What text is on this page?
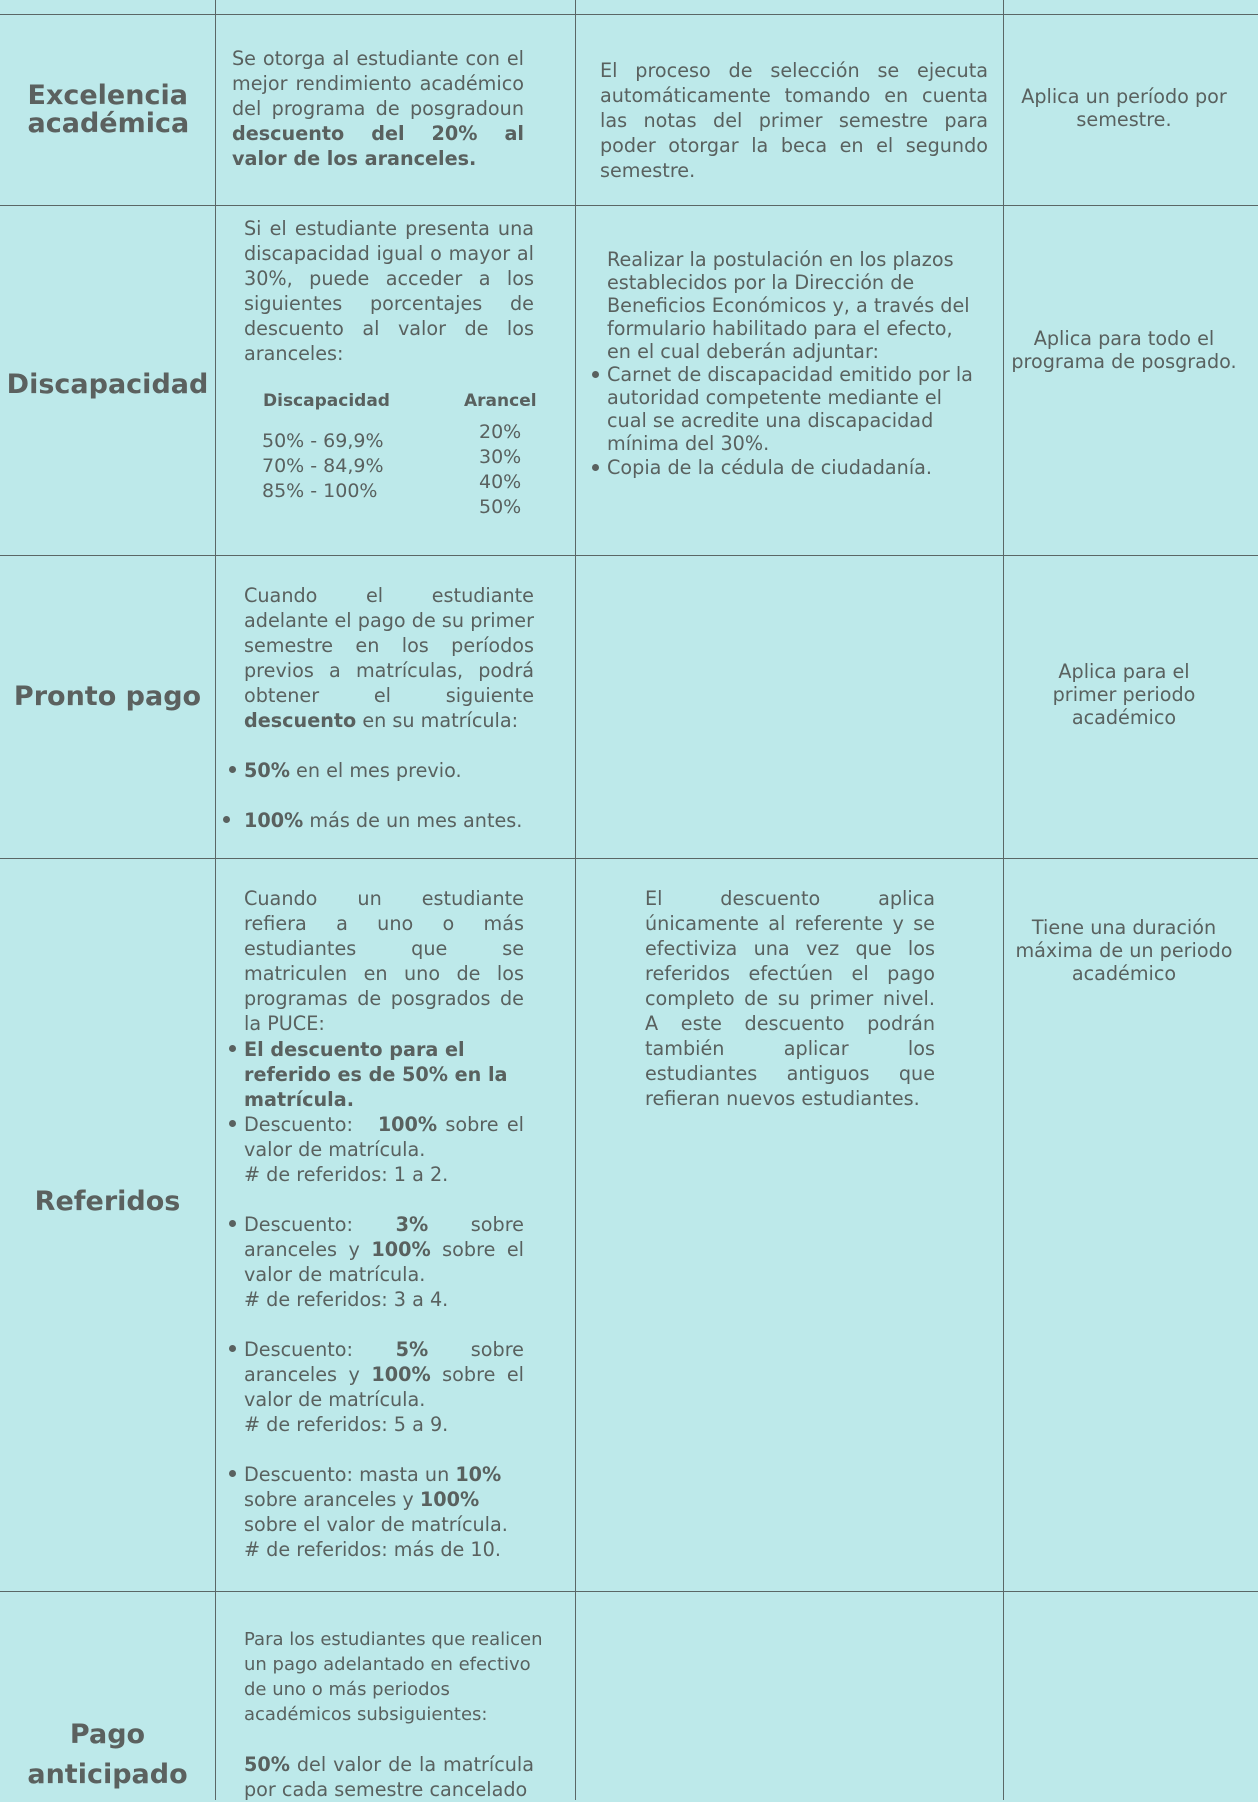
Excelencia académica
Se otorga al estudiante con el mejor rendimiento académico del programa de posgradoun descuento del 20% al valor de los aranceles.
El proceso de selección se ejecuta automáticamente tomando en cuenta las notas del primer semestre para poder otorgar la beca en el segundo semestre.
Aplica un período por semestre.
Discapacidad
Si el estudiante presenta una discapacidad igual o mayor al 30%, puede acceder a los siguientes porcentajes de descuento al valor de los aranceles:
Discapacidad	Arancel
50% - 69,9%
70% - 84,9%
85% - 100%
20%
30%
40%
50%
Realizar la postulación en los plazos establecidos por la Dirección de Beneficios Económicos y, a través del formulario habilitado para el efecto, en el cual deberán adjuntar:
Carnet de discapacidad emitido por la autoridad competente mediante el cual se acredite una discapacidad mínima del 30%.
Copia de la cédula de ciudadanía.
Aplica para todo el programa de posgrado.
Pronto pago
Cuando el estudiante adelante el pago de su primer semestre en los períodos previos a matrículas, podrá obtener el siguiente descuento en su matrícula:
50% en el mes previo.
100% más de un mes antes.
Aplica para el primer periodo académico
Referidos
Cuando un estudiante refiera a uno o más estudiantes que se matriculen en uno de los programas de posgrados de la PUCE:
El descuento para el referido es de 50% en la matrícula.
Descuento:   100% sobre el valor de matrícula.
# de referidos: 1 a 2.
Descuento: 3% sobre aranceles y 100% sobre el valor de matrícula.
# de referidos: 3 a 4.
Descuento: 5% sobre aranceles y 100% sobre el valor de matrícula.
# de referidos: 5 a 9.
Descuento: masta un 10% sobre aranceles y 100% sobre el valor de matrícula.
# de referidos: más de 10.
El descuento aplica únicamente al referente y se efectiviza una vez que los referidos efectúen el pago completo de su primer nivel. A este descuento podrán también aplicar los estudiantes antiguos que refieran nuevos estudiantes.
Tiene una duración máxima de un periodo académico
Pago
anticipado
Para los estudiantes que realicen un pago adelantado en efectivo de uno o más periodos académicos subsiguientes:
50% del valor de la matrícula por cada semestre cancelado
